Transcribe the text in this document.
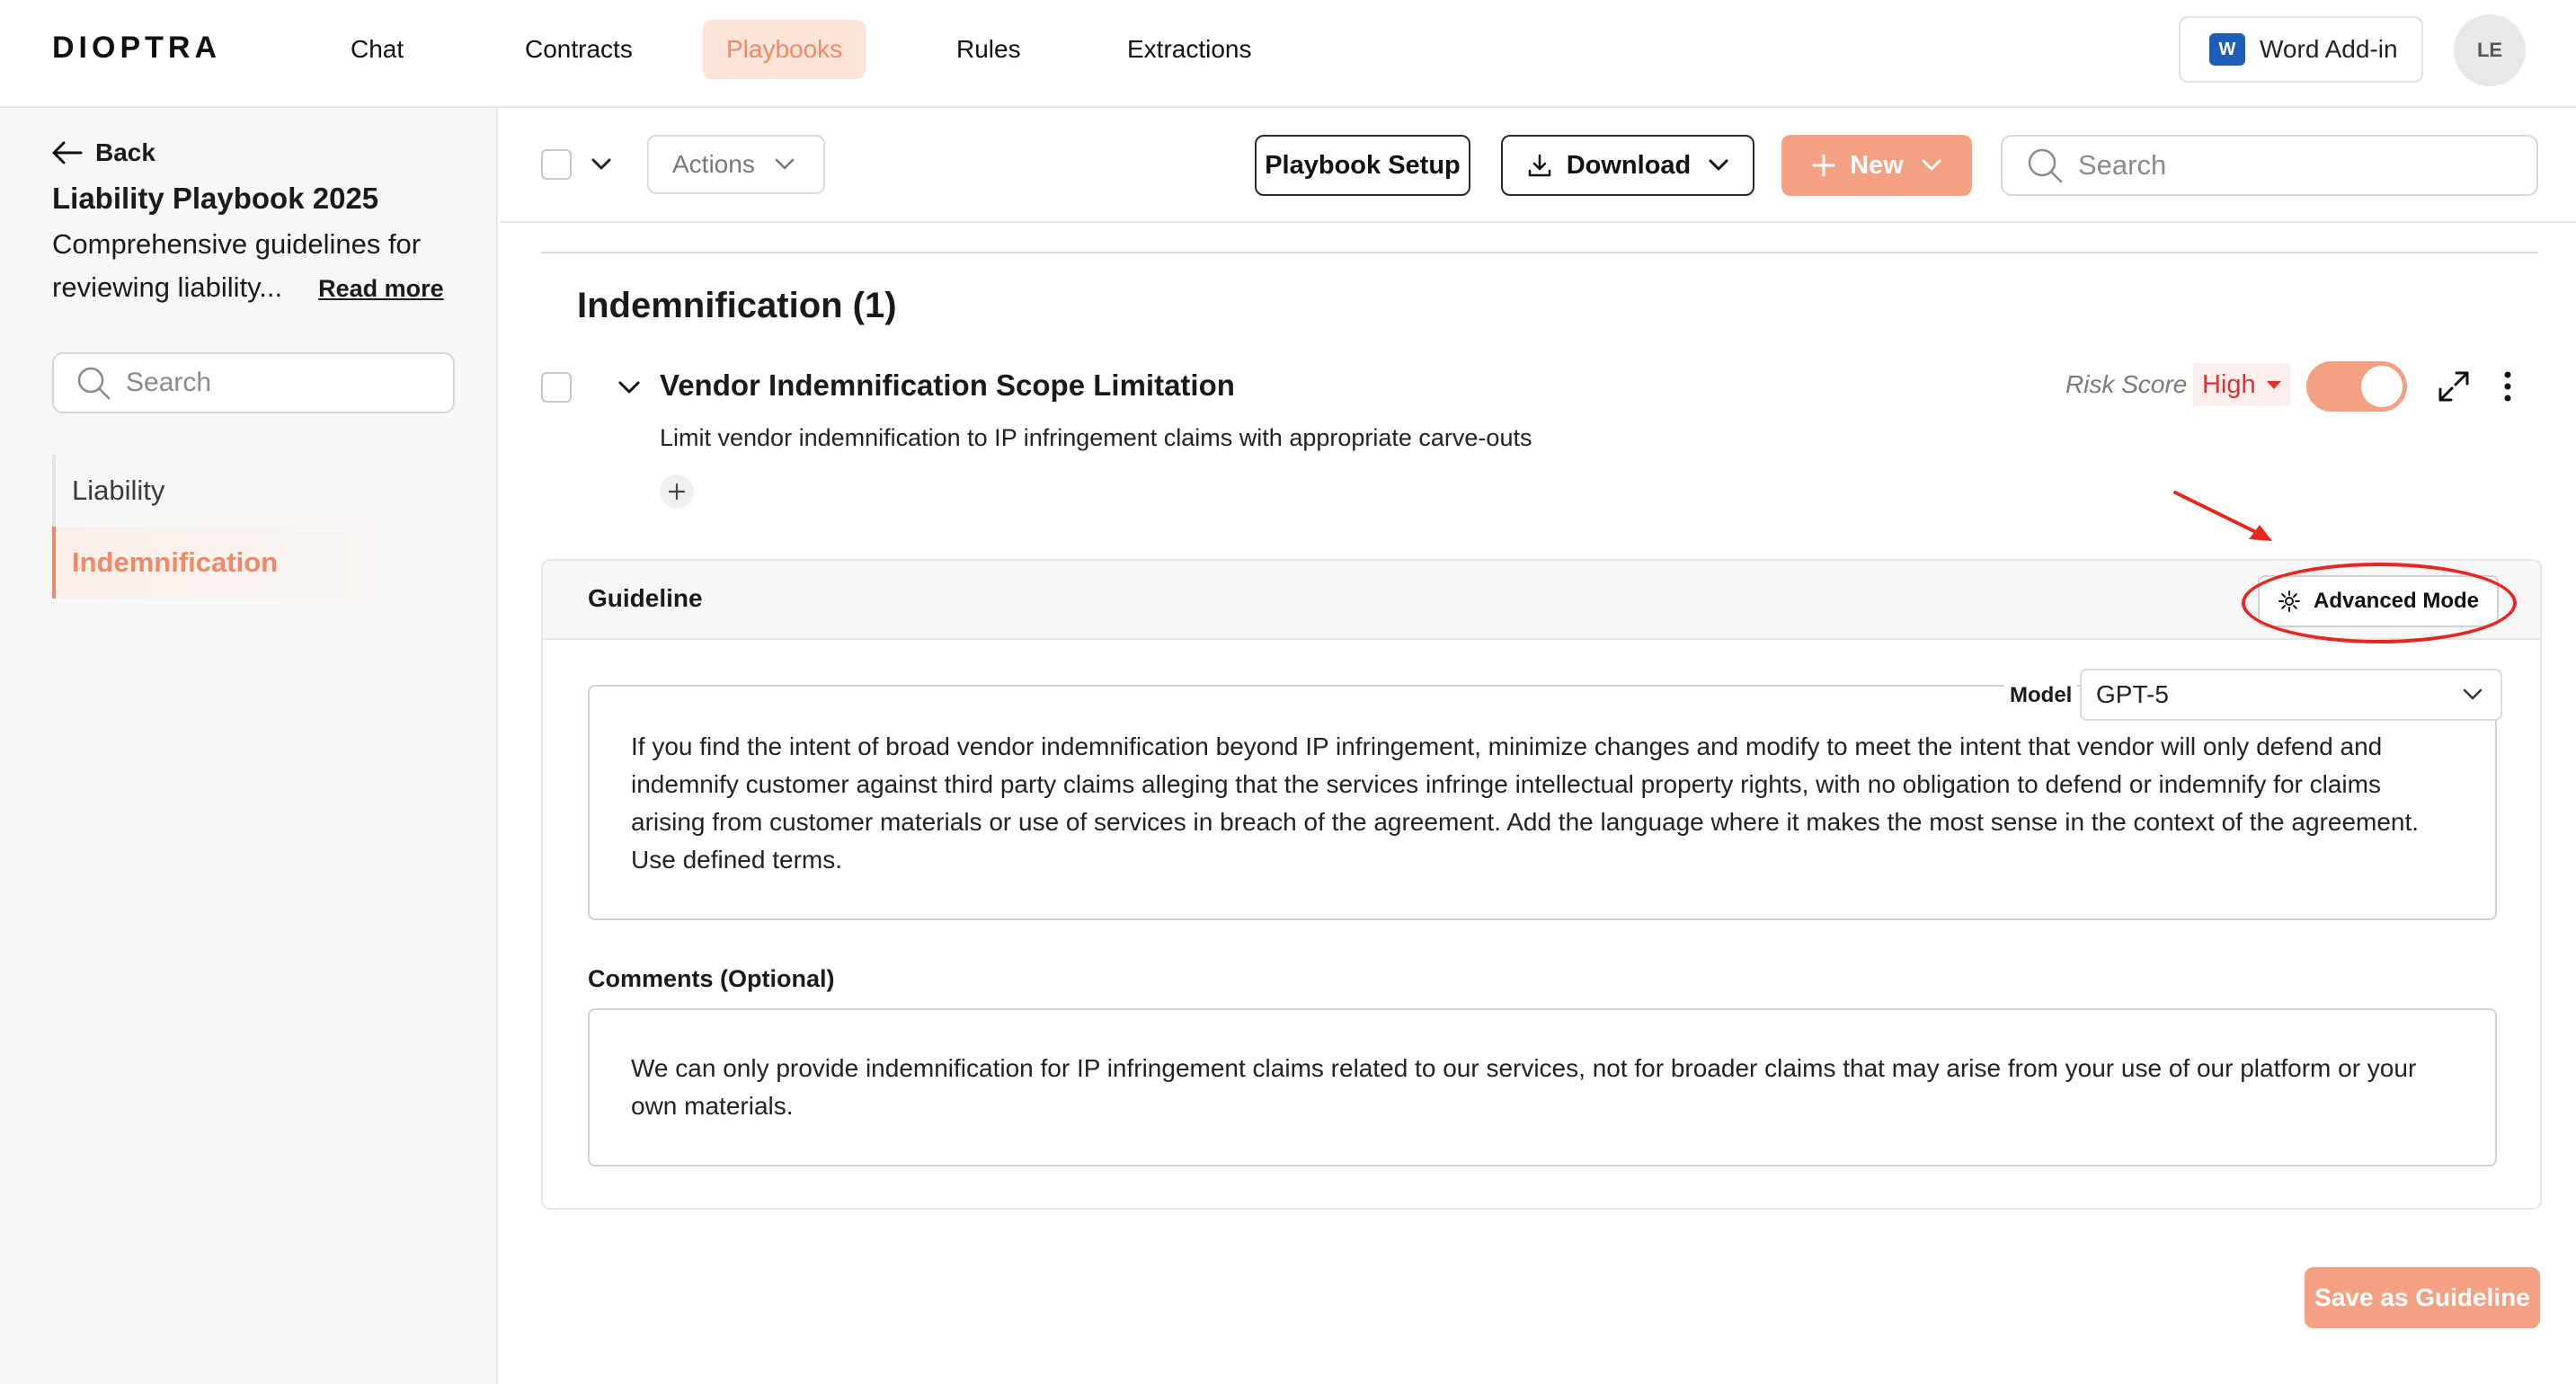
DIOPTRA	Chat	Contracts	Playbooks	Rules	Extractions	W Word Add-in	LE
Back
Liability Playbook 2025
Comprehensive guidelines for
reviewing liability... Read more
Search
Liability
Indemnification
Actions	Playbook Setup	Download	New	Search
Indemnification (1)
Vendor Indemnification Scope Limitation
Limit vendor indemnification to IP infringement claims with appropriate carve-outs
Risk Score High
Guideline	Advanced Mode
If you find the intent of broad vendor indemnification beyond IP infringement, minimize changes and modify to meet the intent that vendor will only defend and indemnify customer against third party claims alleging that the services infringe intellectual property rights, with no obligation to defend or indemnify for claims arising from customer materials or use of services in breach of the agreement. Add the language where it makes the most sense in the context of the agreement. Use defined terms.
Model GPT-5
Comments (Optional)
We can only provide indemnification for IP infringement claims related to our services, not for broader claims that may arise from your use of our platform or your own materials.
Save as Guideline
